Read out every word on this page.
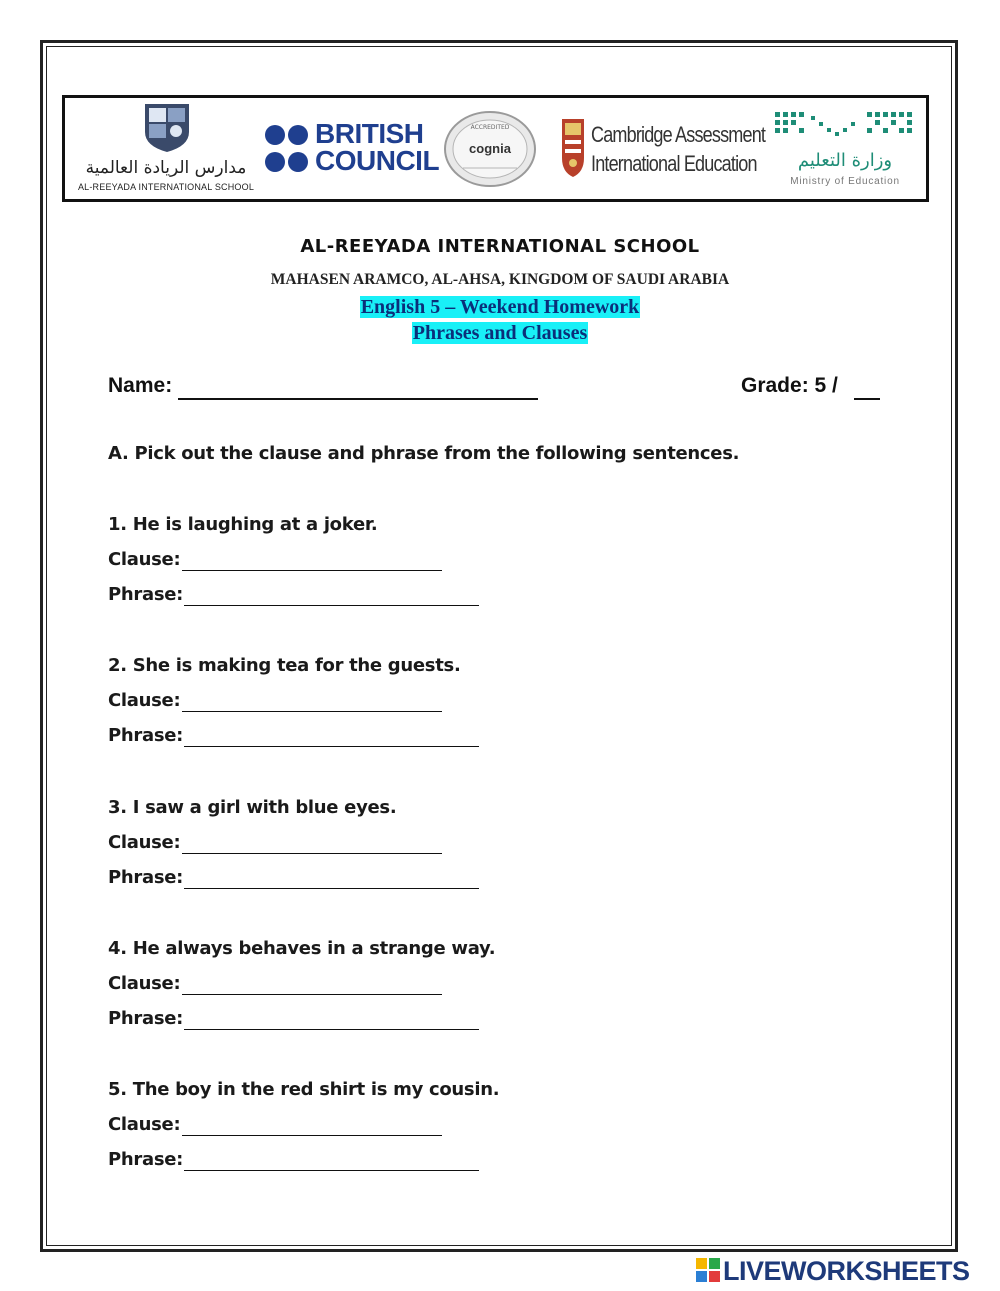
مدارس الريادة العالمية
AL-REEYADA INTERNATIONAL SCHOOL
BRITISH
COUNCIL
ACCREDITED
cognia
Cambridge Assessment
International Education	وزارة التعليم
Ministry of Education
AL-REEYADA INTERNATIONAL SCHOOL
MAHASEN ARAMCO, AL-AHSA, KINGDOM OF SAUDI ARABIA
English 5 – Weekend Homework
Phrases and Clauses
Name:	Grade: 5 /
A. Pick out the clause and phrase from the following sentences.
1. He is laughing at a joker.
Clause:
Phrase:
2. She is making tea for the guests.
Clause:
Phrase:
3. I saw a girl with blue eyes.
Clause:
Phrase:
4. He always behaves in a strange way.
Clause:
Phrase:
5. The boy in the red shirt is my cousin.
Clause:
Phrase:
LIVEWORKSHEETS
